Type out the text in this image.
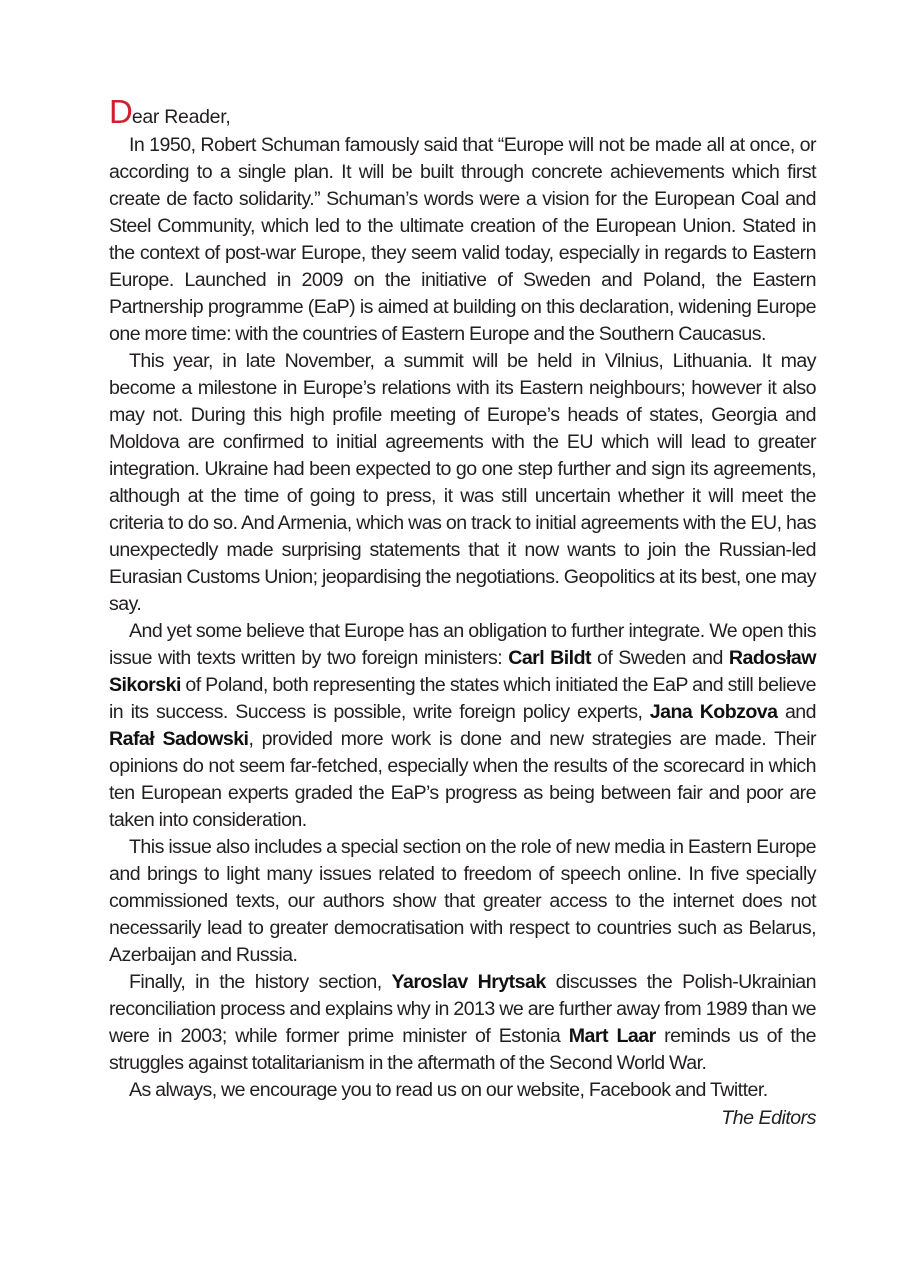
Dear Reader,

In 1950, Robert Schuman famously said that “Europe will not be made all at once, or according to a single plan. It will be built through concrete achievements which first create de facto solidarity.” Schuman’s words were a vision for the European Coal and Steel Community, which led to the ultimate creation of the European Union. Stated in the context of post-war Europe, they seem valid today, especially in regards to Eastern Europe. Launched in 2009 on the initiative of Sweden and Poland, the Eastern Partnership programme (EaP) is aimed at building on this declaration, widening Europe one more time: with the countries of Eastern Europe and the Southern Caucasus.

This year, in late November, a summit will be held in Vilnius, Lithuania. It may become a milestone in Europe’s relations with its Eastern neighbours; however it also may not. During this high profile meeting of Europe’s heads of states, Georgia and Moldova are confirmed to initial agreements with the EU which will lead to greater integration. Ukraine had been expected to go one step further and sign its agreements, although at the time of going to press, it was still uncertain whether it will meet the criteria to do so. And Armenia, which was on track to initial agreements with the EU, has unexpectedly made surprising statements that it now wants to join the Russian-led Eurasian Customs Union; jeopardising the negotiations. Geopolitics at its best, one may say.

And yet some believe that Europe has an obligation to further integrate. We open this issue with texts written by two foreign ministers: Carl Bildt of Sweden and Radosław Sikorski of Poland, both representing the states which initiated the EaP and still believe in its success. Success is possible, write foreign policy experts, Jana Kobzova and Rafał Sadowski, provided more work is done and new strategies are made. Their opinions do not seem far-fetched, especially when the results of the scorecard in which ten European experts graded the EaP’s progress as being between fair and poor are taken into consideration.

This issue also includes a special section on the role of new media in Eastern Europe and brings to light many issues related to freedom of speech online. In five specially commissioned texts, our authors show that greater access to the internet does not necessarily lead to greater democratisation with respect to countries such as Belarus, Azerbaijan and Russia.

Finally, in the history section, Yaroslav Hrytsak discusses the Polish-Ukrainian reconciliation process and explains why in 2013 we are further away from 1989 than we were in 2003; while former prime minister of Estonia Mart Laar reminds us of the struggles against totalitarianism in the aftermath of the Second World War.

As always, we encourage you to read us on our website, Facebook and Twitter.

The Editors
